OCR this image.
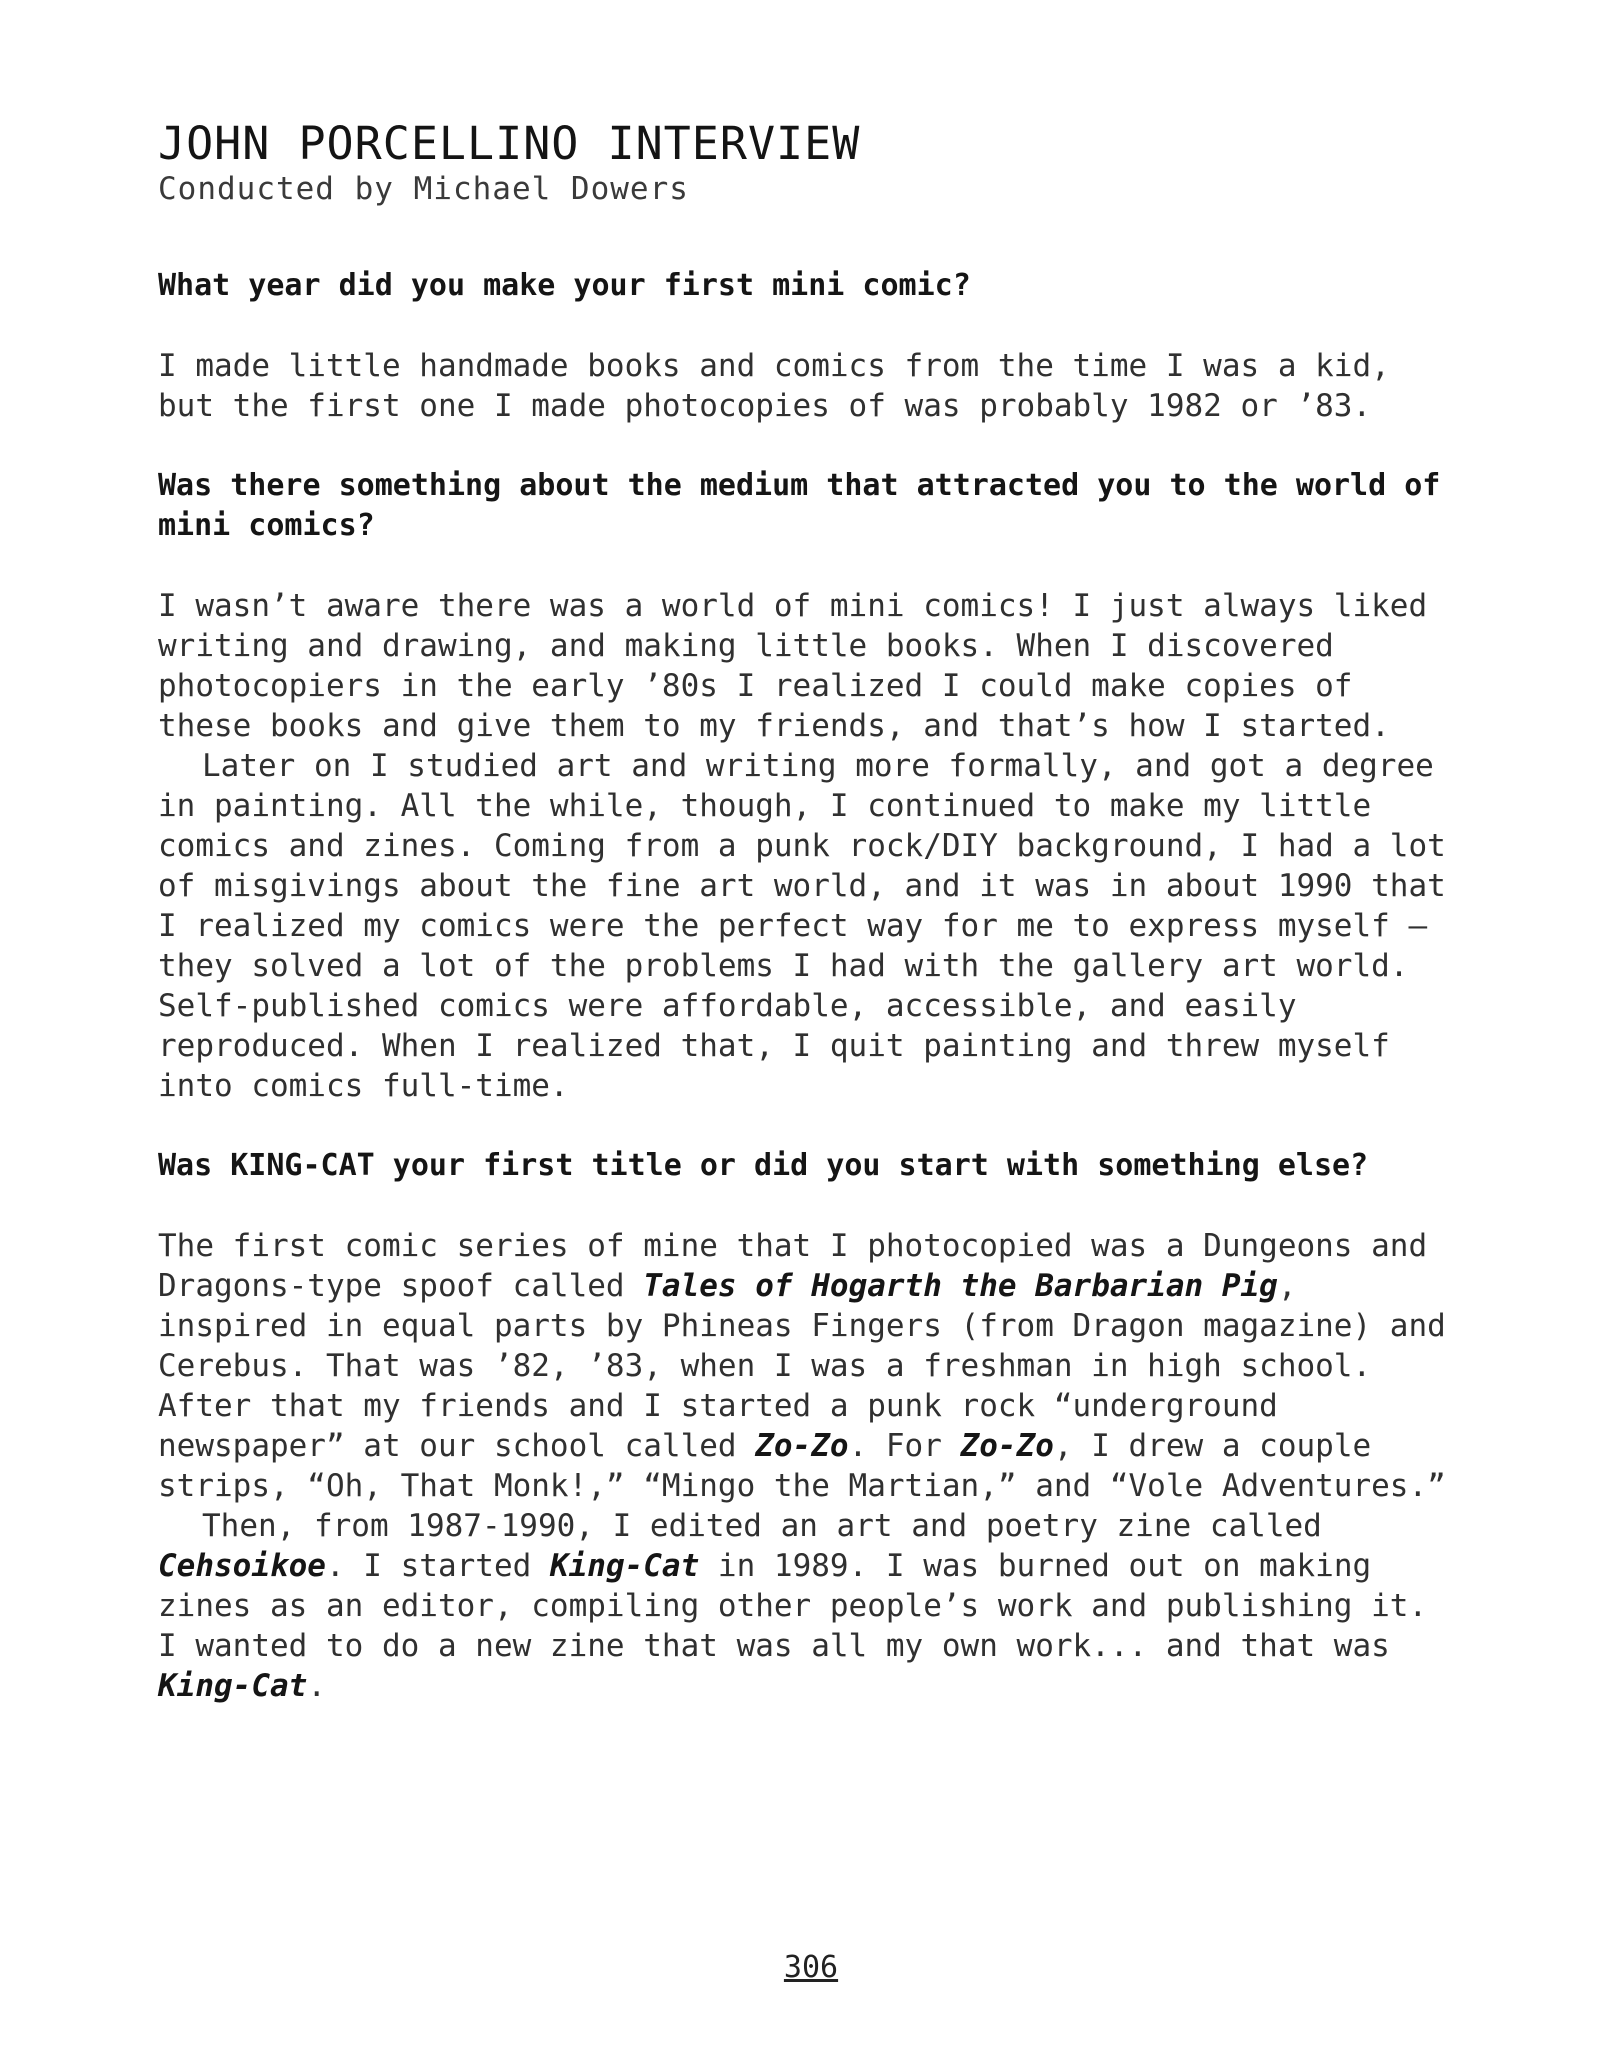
JOHN PORCELLINO INTERVIEW
Conducted by Michael Dowers
What year did you make your first mini comic?

I made little handmade books and comics from the time I was a kid, but the first one I made photocopies of was probably 1982 or ’83.

Was there something about the medium that attracted you to the world of mini comics?

I wasn’t aware there was a world of mini comics! I just always liked writing and drawing, and making little books. When I discovered photocopiers in the early ’80s I realized I could make copies of these books and give them to my friends, and that’s how I started.

Later on I studied art and writing more formally, and got a degree in painting. All the while, though, I continued to make my little comics and zines. Coming from a punk rock/DIY background, I had a lot of misgivings about the fine art world, and it was in about 1990 that I realized my comics were the perfect way for me to express myself — they solved a lot of the problems I had with the gallery art world. Self-published comics were affordable, accessible, and easily reproduced. When I realized that, I quit painting and threw myself into comics full-time.

Was KING-CAT your first title or did you start with something else?

The first comic series of mine that I photocopied was a Dungeons and Dragons-type spoof called Tales of Hogarth the Barbarian Pig, inspired in equal parts by Phineas Fingers (from Dragon magazine) and Cerebus. That was ’82, ’83, when I was a freshman in high school. After that my friends and I started a punk rock “underground newspaper” at our school called Zo-Zo. For Zo-Zo, I drew a couple strips, “Oh, That Monk!,” “Mingo the Martian,” and “Vole Adventures.”

Then, from 1987-1990, I edited an art and poetry zine called Cehsoikoe. I started King-Cat in 1989. I was burned out on making zines as an editor, compiling other people’s work and publishing it. I wanted to do a new zine that was all my own work... and that was King-Cat.

306
